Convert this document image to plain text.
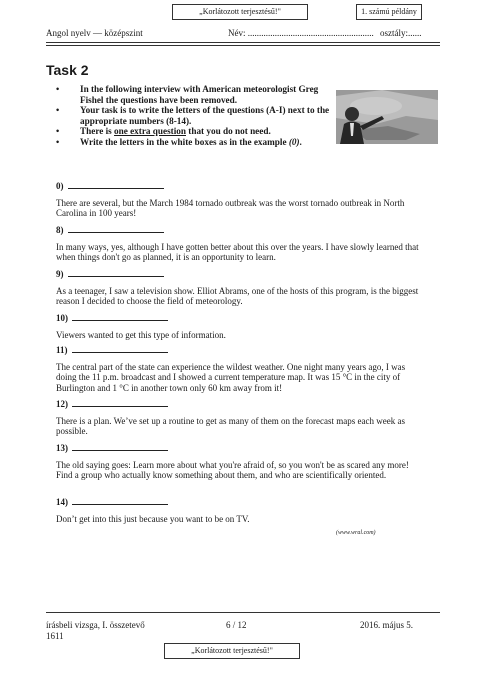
„Korlátozott terjesztésű!"	1. számú példány
Angol nyelv — középszint	Név: ........................................................ osztály:......
Task 2
• In the following interview with American meteorologist Greg Fishel the questions have been removed.
• Your task is to write the letters of the questions (A-I) next to the appropriate numbers (8-14).
• There is one extra question that you do not need.
• Write the letters in the white boxes as in the example (0).
0)
There are several, but the March 1984 tornado outbreak was the worst tornado outbreak in North Carolina in 100 years!
8)
In many ways, yes, although I have gotten better about this over the years. I have slowly learned that when things don't go as planned, it is an opportunity to learn.
9)
As a teenager, I saw a television show. Elliot Abrams, one of the hosts of this program, is the biggest reason I decided to choose the field of meteorology.
10)
Viewers wanted to get this type of information.
11)
The central part of the state can experience the wildest weather. One night many years ago, I was doing the 11 p.m. broadcast and I showed a current temperature map. It was 15 °C in the city of Burlington and 1 °C in another town only 60 km away from it!
12)
There is a plan. We’ve set up a routine to get as many of them on the forecast maps each week as possible.
13)
The old saying goes: Learn more about what you're afraid of, so you won't be as scared any more! Find a group who actually know something about them, and who are scientifically oriented.
14)
Don’t get into this just because you want to be on TV.
(www.wral.com)
írásbeli vizsga, I. összetevő
1611
6 / 12	2016. május 5.
„Korlátozott terjesztésű!"
